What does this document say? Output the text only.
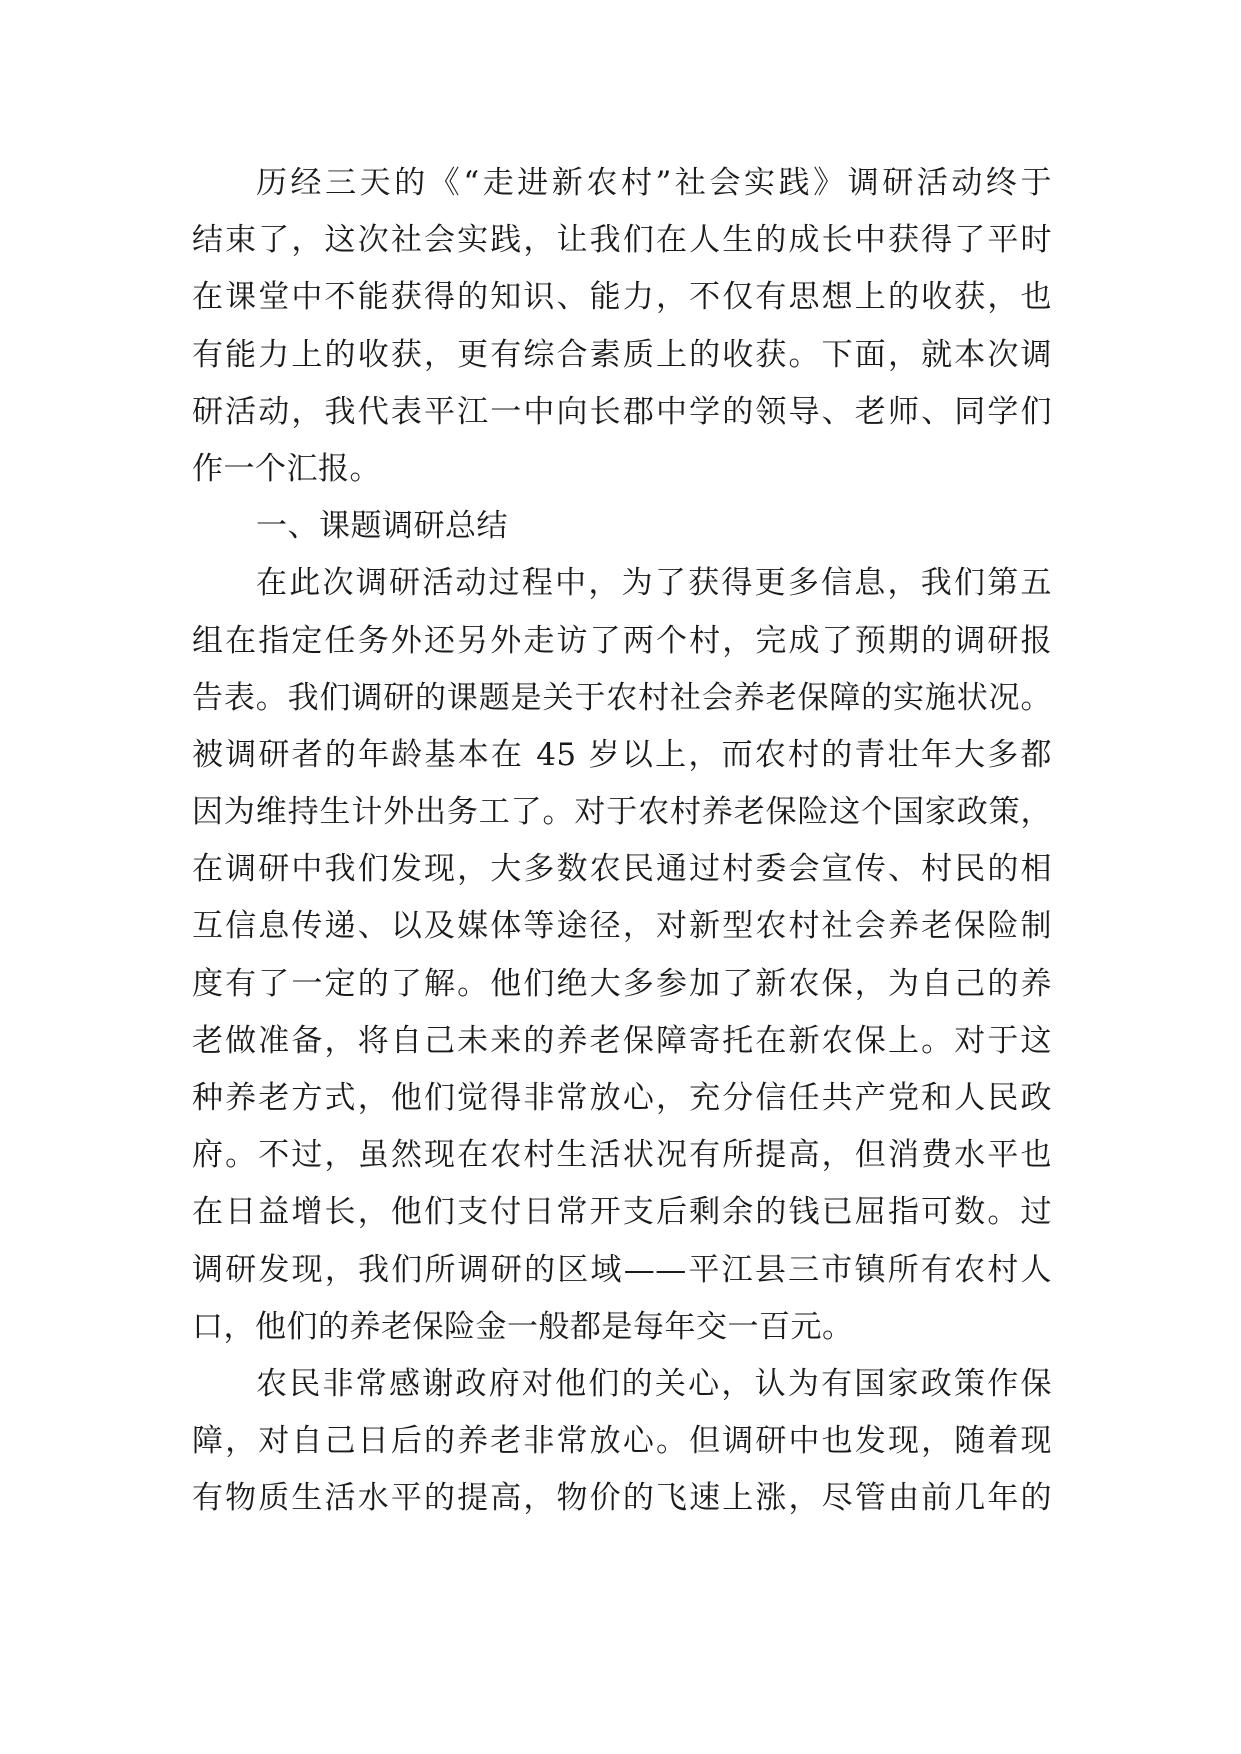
历经三天的《“走进新农村”社会实践》调研活动终于
结束了，这次社会实践，让我们在人生的成长中获得了平时
在课堂中不能获得的知识、能力，不仅有思想上的收获，也
有能力上的收获，更有综合素质上的收获。下面，就本次调
研活动，我代表平江一中向长郡中学的领导、老师、同学们
作一个汇报。
一、课题调研总结
在此次调研活动过程中，为了获得更多信息，我们第五
组在指定任务外还另外走访了两个村，完成了预期的调研报
告表。我们调研的课题是关于农村社会养老保障的实施状况。
被调研者的年龄基本在 45 岁以上，而农村的青壮年大多都
因为维持生计外出务工了。对于农村养老保险这个国家政策，
在调研中我们发现，大多数农民通过村委会宣传、村民的相
互信息传递、以及媒体等途径，对新型农村社会养老保险制
度有了一定的了解。他们绝大多参加了新农保，为自己的养
老做准备，将自己未来的养老保障寄托在新农保上。对于这
种养老方式，他们觉得非常放心，充分信任共产党和人民政
府。不过，虽然现在农村生活状况有所提高，但消费水平也
在日益增长，他们支付日常开支后剩余的钱已屈指可数。过
调研发现，我们所调研的区域——平江县三市镇所有农村人
口，他们的养老保险金一般都是每年交一百元。
农民非常感谢政府对他们的关心，认为有国家政策作保
障，对自己日后的养老非常放心。但调研中也发现，随着现
有物质生活水平的提高，物价的飞速上涨，尽管由前几年的
